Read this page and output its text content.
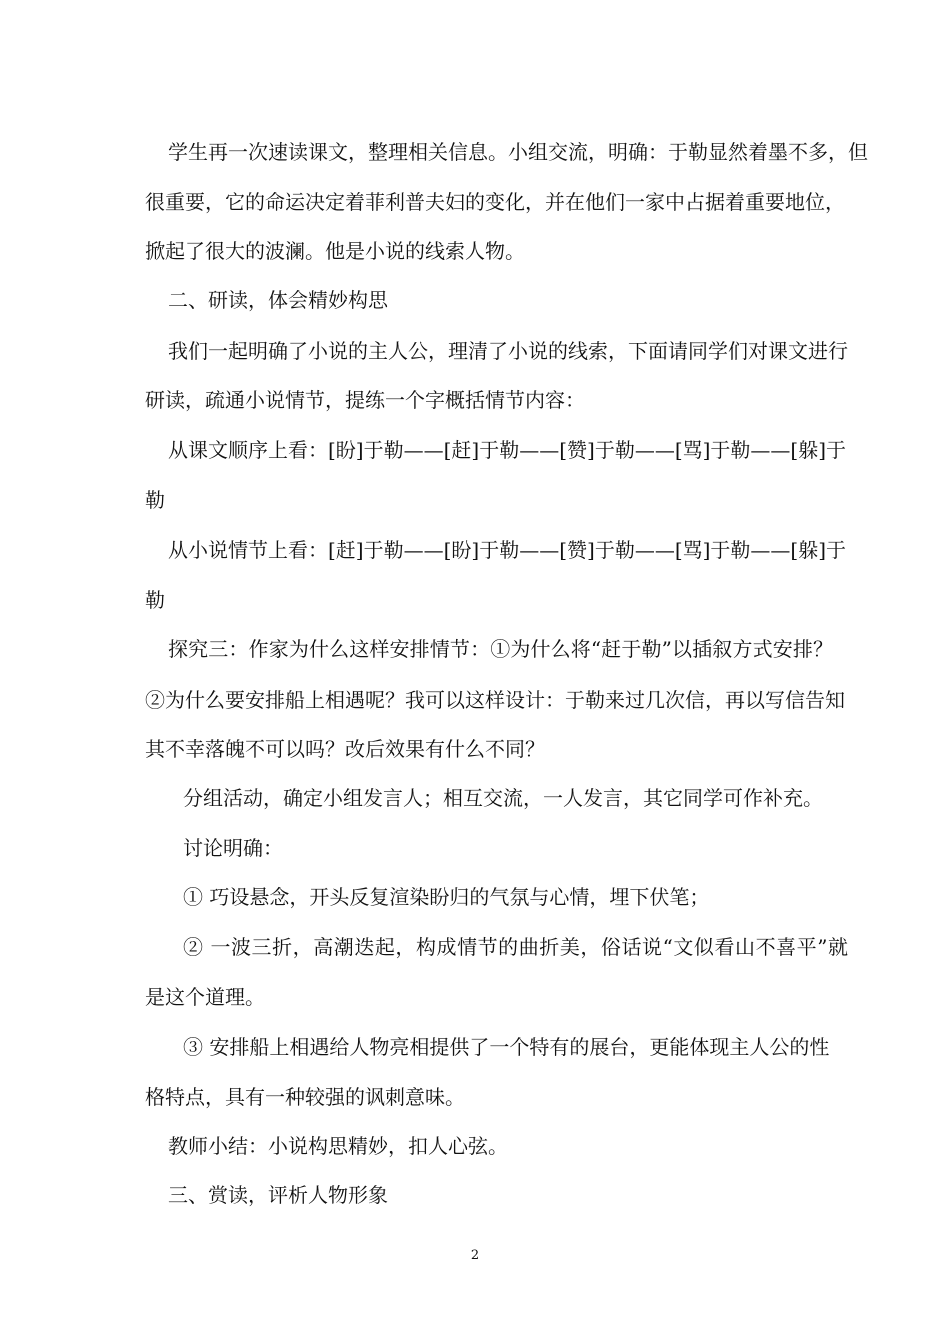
学生再一次速读课文，整理相关信息。小组交流，明确：于勒显然着墨不多，但
很重要，它的命运决定着菲利普夫妇的变化，并在他们一家中占据着重要地位，
掀起了很大的波澜。他是小说的线索人物。
二、研读，体会精妙构思
我们一起明确了小说的主人公，理清了小说的线索，下面请同学们对课文进行
研读，疏通小说情节，提练一个字概括情节内容：
从课文顺序上看：[盼]于勒——[赶]于勒——[赞]于勒——[骂]于勒——[躲]于
勒
从小说情节上看：[赶]于勒——[盼]于勒——[赞]于勒——[骂]于勒——[躲]于
勒
探究三：作家为什么这样安排情节：①为什么将“赶于勒”以插叙方式安排？
②为什么要安排船上相遇呢？我可以这样设计：于勒来过几次信，再以写信告知
其不幸落魄不可以吗？改后效果有什么不同？
分组活动，确定小组发言人；相互交流，一人发言，其它同学可作补充。
讨论明确：
① 巧设悬念，开头反复渲染盼归的气氛与心情，埋下伏笔；
② 一波三折，高潮迭起，构成情节的曲折美，俗话说“文似看山不喜平”就
是这个道理。
③ 安排船上相遇给人物亮相提供了一个特有的展台，更能体现主人公的性
格特点，具有一种较强的讽刺意味。
教师小结：小说构思精妙，扣人心弦。
三、赏读，评析人物形象
2
